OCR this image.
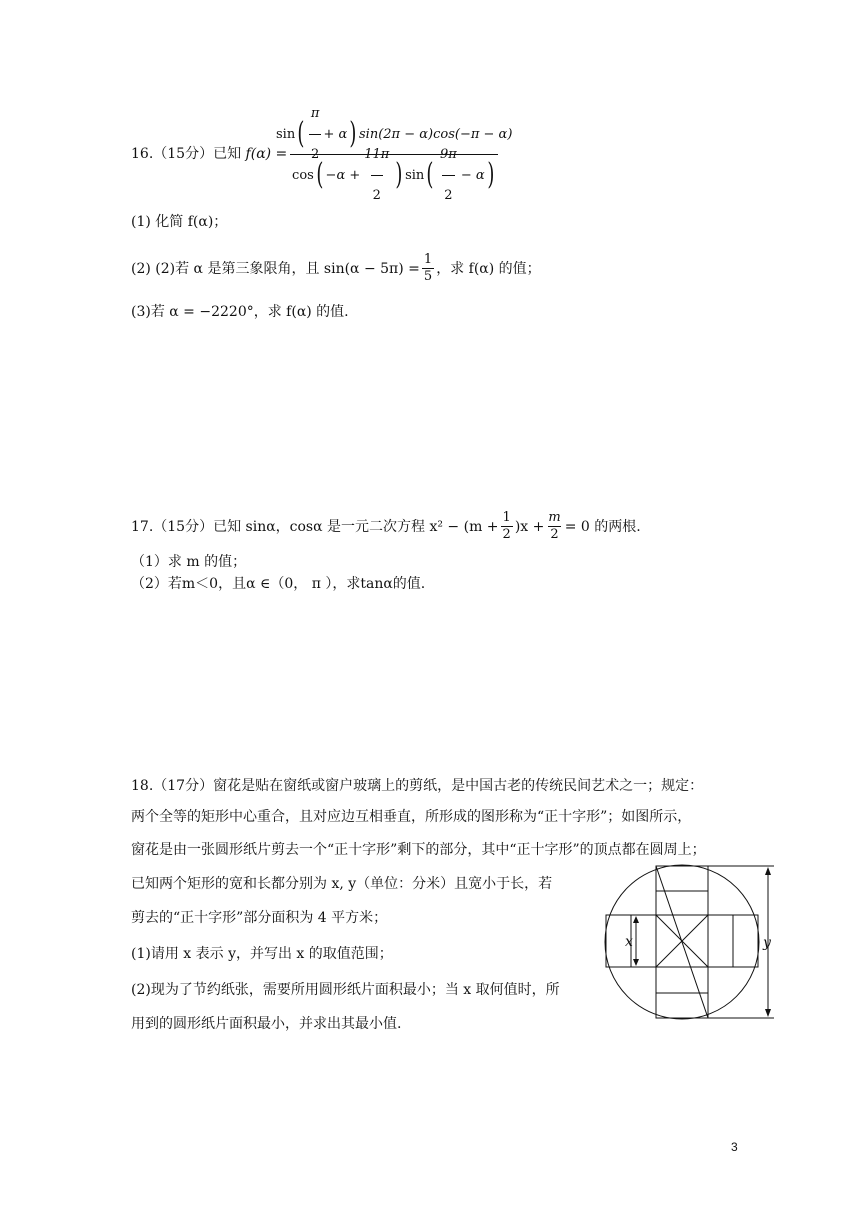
16.（15分）已知 f(α) =
sin ( $\frac{\pi}{2} + \alpha$ ) sin(2π − α)cos(−π − α)
cos ( $-\alpha + \frac{11\pi}{2}$ ) sin ( $\frac{9\pi}{2} - \alpha$ )
(1) 化简 f(α)；
(2) (2)若 α 是第三象限角，且 $\sin(\alpha - 5\pi) = \frac{1}{5}$ ，求 f(α) 的值；
(3)若 α = −2220°，求 f(α) 的值.
17.（15分）已知 sinα，cosα 是一元二次方程 $x^2 - (m + \frac{1}{2} )x + \frac{m}{2} = 0$ 的两根.
（1）求 m 的值；
（2）若m＜0，且α ∈（0， π ），求tanα的值.
18.（17分）窗花是贴在窗纸或窗户玻璃上的剪纸，是中国古老的传统民间艺术之一；规定：
两个全等的矩形中心重合，且对应边互相垂直，所形成的图形称为“正十字形”；如图所示，
窗花是由一张圆形纸片剪去一个“正十字形”剩下的部分，其中“正十字形”的顶点都在圆周上；
已知两个矩形的宽和长都分别为 x, y（单位：分米）且宽小于长，若
剪去的“正十字形”部分面积为 4 平方米；
(1)请用 x 表示 y，并写出 x 的取值范围；
(2)现为了节约纸张，需要所用圆形纸片面积最小；当 x 取何值时，所
用到的圆形纸片面积最小，并求出其最小值.
x	y
3
